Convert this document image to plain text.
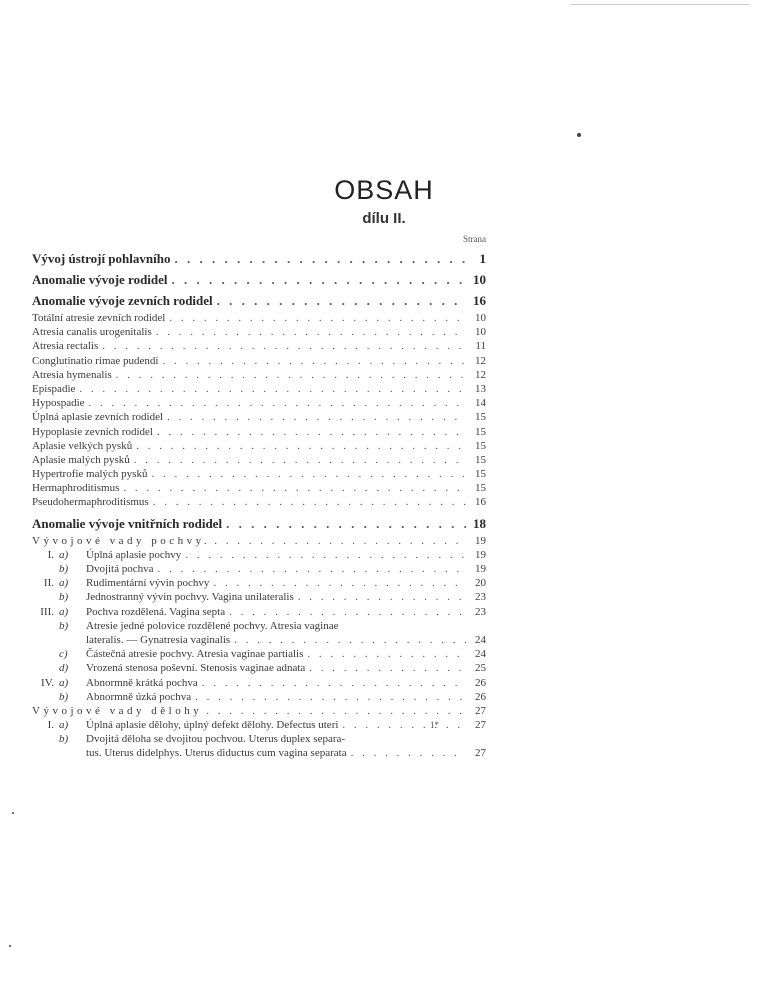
OBSAH
dílu II.
Strana
Vývoj ústrojí pohlavního . . .	1
Anomalie vývoje rodidel . . .	10
Anomalie vývoje zevních rodidel . . .	16
Totální atresie zevních rodidel . . .	10
Atresia canalis urogenitalis . . .	10
Atresia rectalis . . .	11
Conglutinatio rimae pudendi . . .	12
Atresia hymenalis . . .	12
Epispadie . . .	13
Hypospadie . . .	14
Úplná aplasie zevních rodidel . . .	15
Hypoplasie zevních rodidel . . .	15
Aplasie velkých pysků . . .	15
Aplasie malých pysků . . .	15
Hypertrofie malých pysků . . .	15
Hermaphroditismus . . .	15
Pseudohermaphroditismus . . .	16
Anomalie vývoje vnitřních rodidel . . .	18
Vývojové vady pochvy. . . .	19
I. a) Úplná aplasie pochvy . . .	19
b) Dvojitá pochva . . .	19
II. a) Rudimentární vývin pochvy . . .	20
b) Jednostranný vývin pochvy. Vagina unilateralis . . .	23
III. a) Pochva rozdělená. Vagina septa . . .	23
b) Atresie jedné polovice rozdělené pochvy. Atresia vaginae
lateralis. — Gynatresia vaginalis . . .	24
c) Částečná atresie pochvy. Atresia vaginae partialis . . .	24
d) Vrozená stenosa poševní. Stenosis vaginae adnata . . .	25
IV. a) Abnormně krátká pochva . . .	26
b) Abnormně úzká pochva . . .	26
Vývojové vady dělohy . . .	27
I. a) Úplná aplasie dělohy, úplný defekt dělohy. Defectus uteri . . .	27
b) Dvojitá děloha se dvojitou pochvou. Uterus duplex separa-
tus. Uterus didelphys. Uterus diductus cum vagina separata . . .	27
1*
